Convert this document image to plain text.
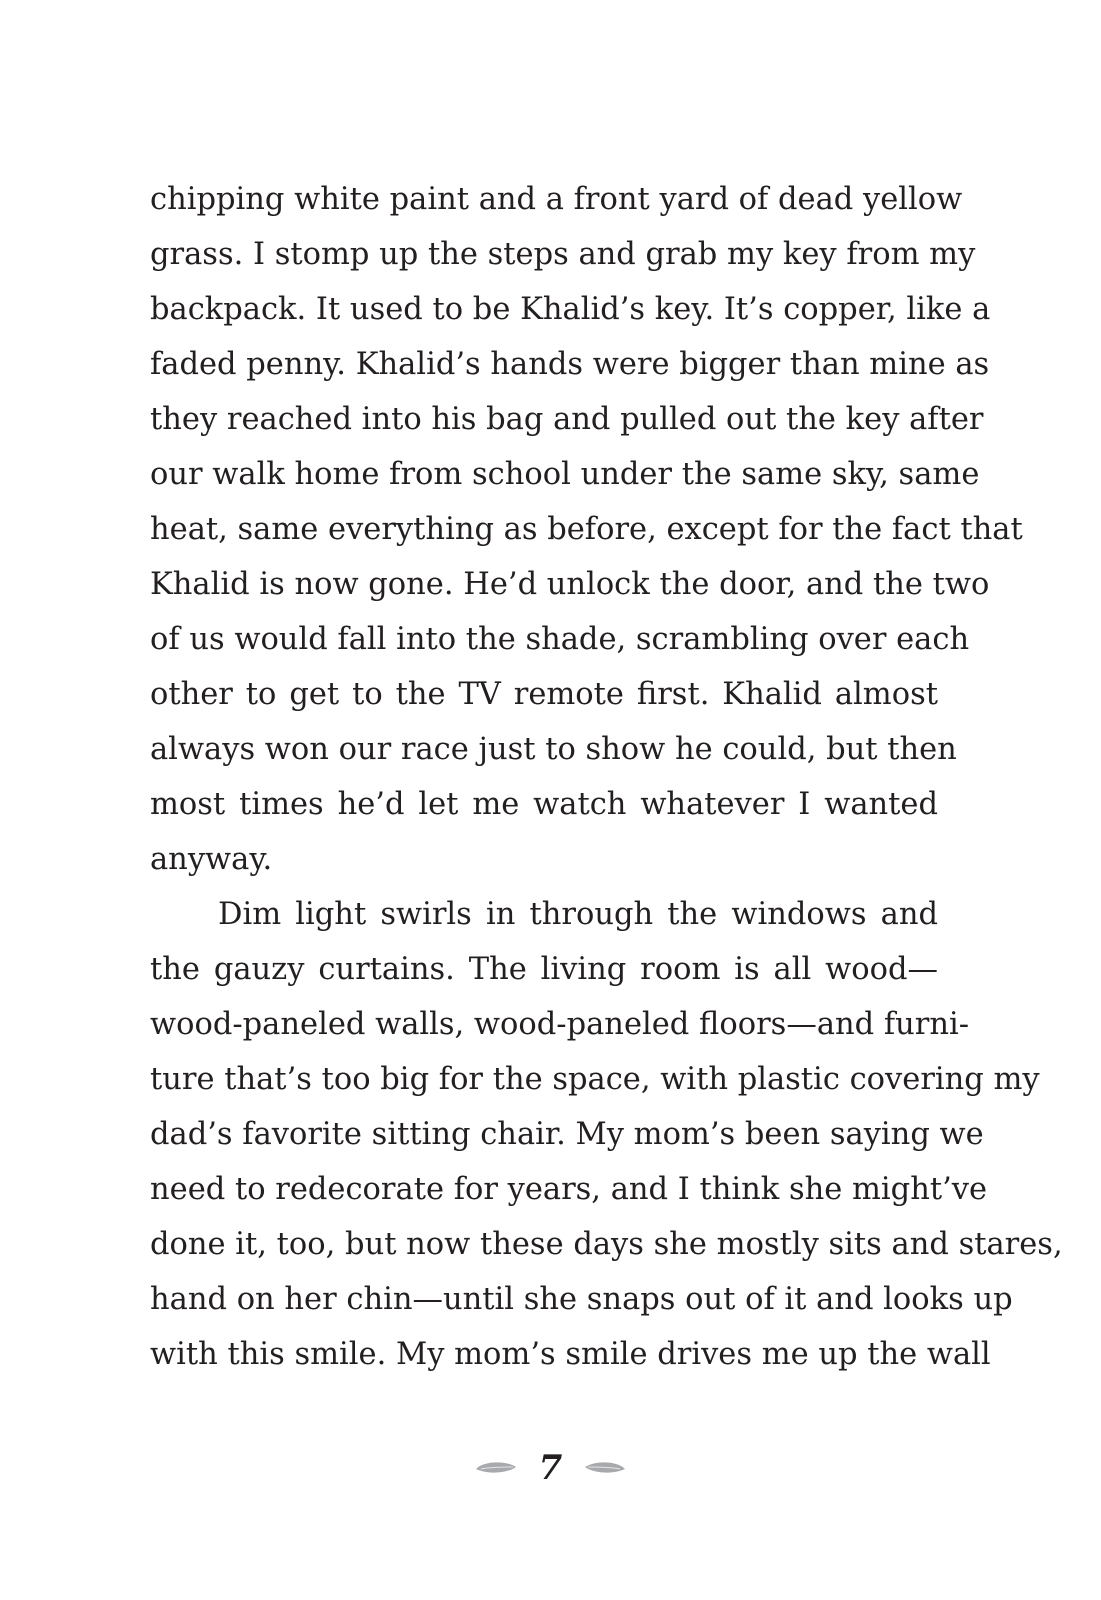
chipping white paint and a front yard of dead yellow
grass. I stomp up the steps and grab my key from my
backpack. It used to be Khalid’s key. It’s copper, like a
faded penny. Khalid’s hands were bigger than mine as
they reached into his bag and pulled out the key after
our walk home from school under the same sky, same
heat, same everything as before, except for the fact that
Khalid is now gone. He’d unlock the door, and the two
of us would fall into the shade, scrambling over each
other to get to the TV remote first. Khalid almost
always won our race just to show he could, but then
most times he’d let me watch whatever I wanted
anyway.
Dim light swirls in through the windows and
the gauzy curtains. The living room is all wood—
wood-paneled walls, wood-paneled floors—and furni-
ture that’s too big for the space, with plastic covering my
dad’s favorite sitting chair. My mom’s been saying we
need to redecorate for years, and I think she might’ve
done it, too, but now these days she mostly sits and stares,
hand on her chin—until she snaps out of it and looks up
with this smile. My mom’s smile drives me up the wall
7
